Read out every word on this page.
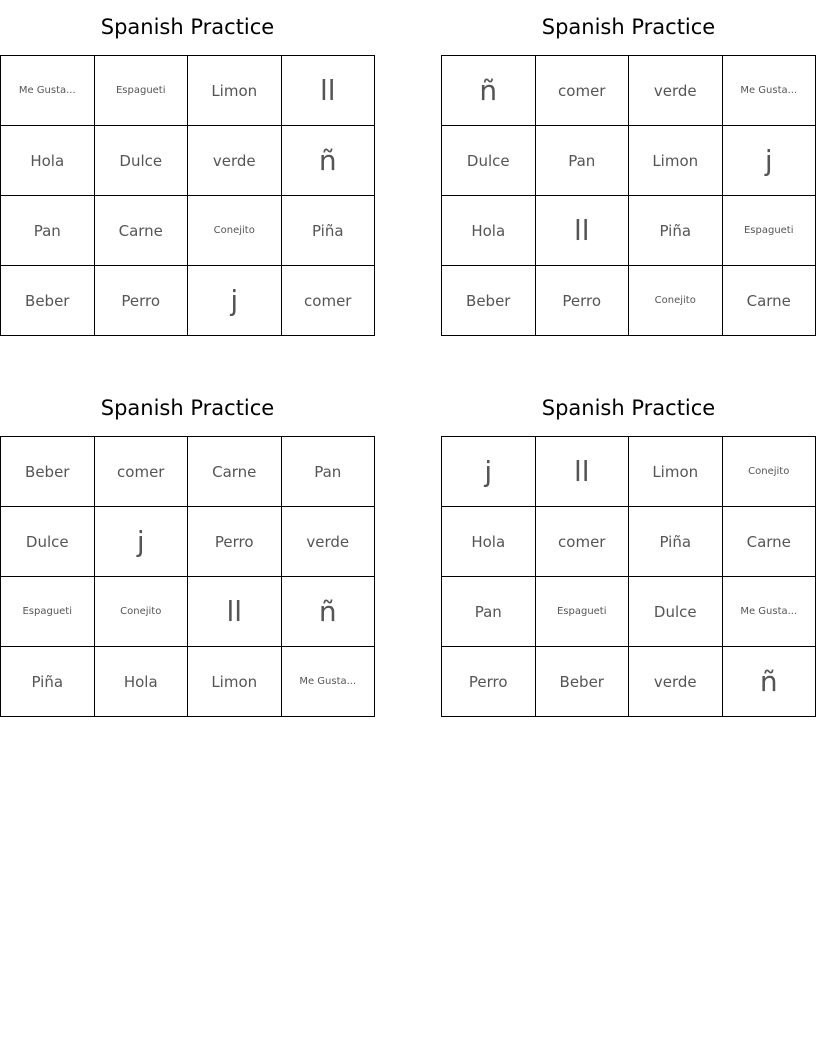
Spanish Practice
Me Gusta...	Espagueti	Limon	ll
Hola	Dulce	verde	ñ
Pan	Carne	Conejito	Piña
Beber	Perro	j	comer
Spanish Practice
ñ	comer	verde	Me Gusta...
Dulce	Pan	Limon	j
Hola	ll	Piña	Espagueti
Beber	Perro	Conejito	Carne
Spanish Practice
Beber	comer	Carne	Pan
Dulce	j	Perro	verde
Espagueti	Conejito	ll	ñ
Piña	Hola	Limon	Me Gusta...
Spanish Practice
j	ll	Limon	Conejito
Hola	comer	Piña	Carne
Pan	Espagueti	Dulce	Me Gusta...
Perro	Beber	verde	ñ
